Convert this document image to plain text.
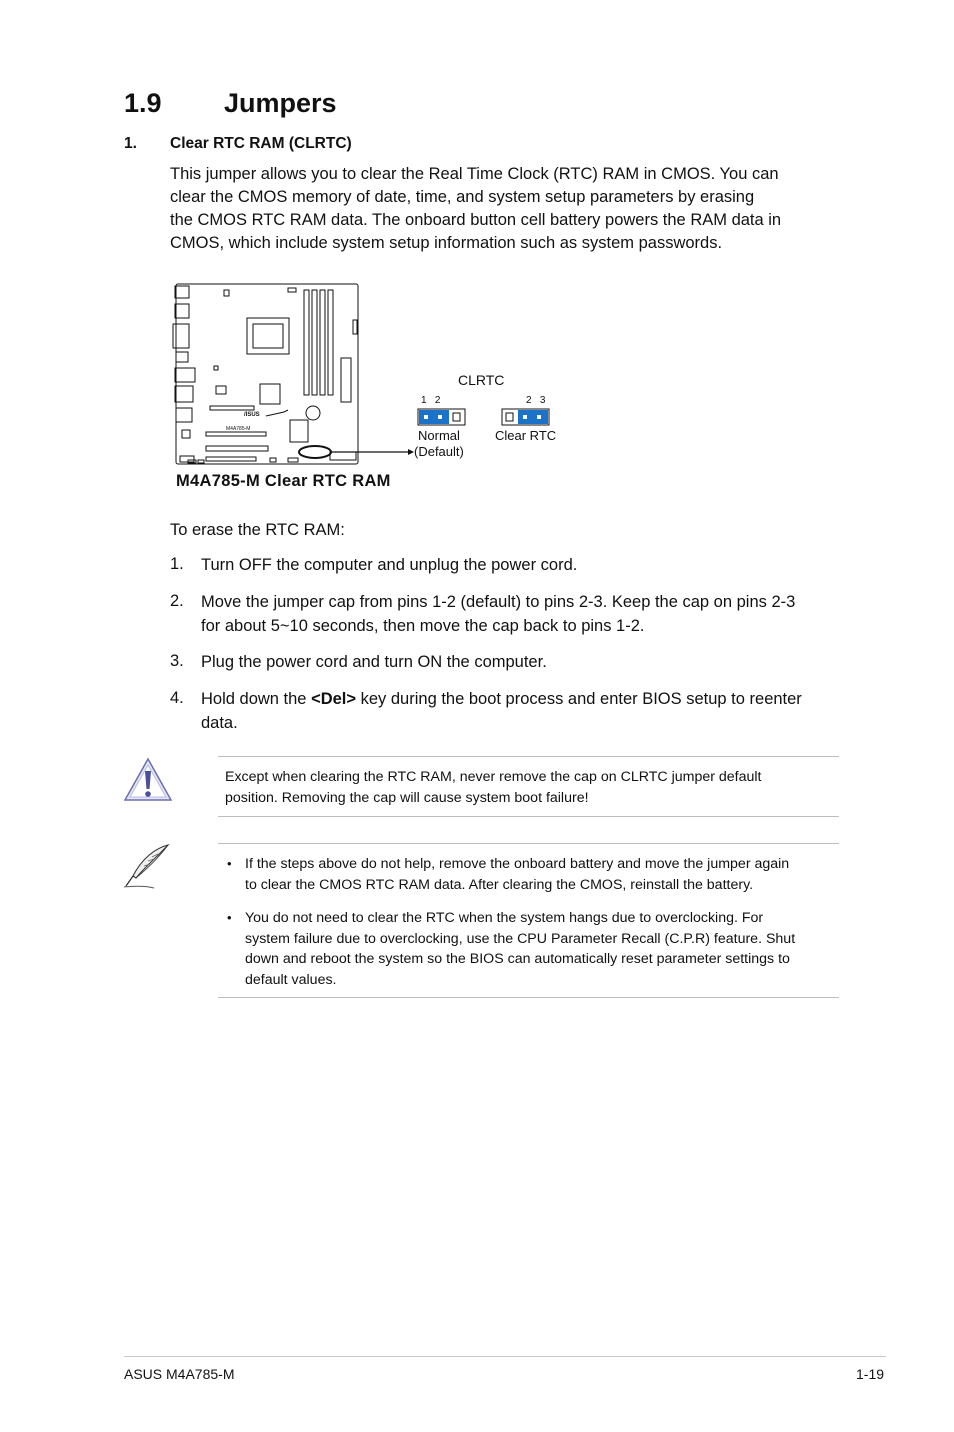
1.9 Jumpers
1. Clear RTC RAM (CLRTC)
This jumper allows you to clear the Real Time Clock (RTC) RAM in CMOS. You can
clear the CMOS memory of date, time, and system setup parameters by erasing
the CMOS RTC RAM data. The onboard button cell battery powers the RAM data in
CMOS, which include system setup information such as system passwords.
/ISUS
M4A785-M
CLRTC
1   2	2   3
Normal
(Default)
Clear RTC
M4A785-M Clear RTC RAM
To erase the RTC RAM:
1. Turn OFF the computer and unplug the power cord.
2. Move the jumper cap from pins 1-2 (default) to pins 2-3. Keep the cap on pins 2-3
for about 5~10 seconds, then move the cap back to pins 1-2.
3. Plug the power cord and turn ON the computer.
4. Hold down the <Del> key during the boot process and enter BIOS setup to reenter
data.
Except when clearing the RTC RAM, never remove the cap on CLRTC jumper default
position. Removing the cap will cause system boot failure!
• If the steps above do not help, remove the onboard battery and move the jumper again
to clear the CMOS RTC RAM data. After clearing the CMOS, reinstall the battery.
• You do not need to clear the RTC when the system hangs due to overclocking. For
system failure due to overclocking, use the CPU Parameter Recall (C.P.R) feature. Shut
down and reboot the system so the BIOS can automatically reset parameter settings to
default values.
ASUS M4A785-M	1-19
